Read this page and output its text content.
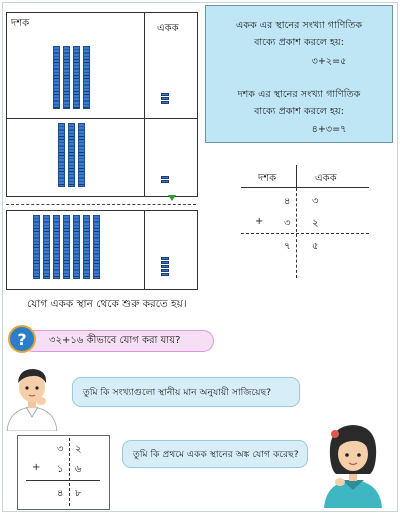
দশক	একক	একক এর স্থানের সংখ্যা গাণিতিক
বাক্যে প্রকাশ করলে হয়:
৩+২=৫
দশক এর স্থানের সংখ্যা গাণিতিক
বাক্যে প্রকাশ করলে হয়:
৪+৩=৭
দশক	একক
৪ ৩
+ ৩ ২
৭ ৫
যোগ একক স্থান থেকে শুরু করতে হয়।
৩২+১৬ কীভাবে যোগ করা যায়?
?
তুমি কি সংখ্যাগুলো স্থানীয় মান অনুযায়ী সাজিয়েছ?
৩ ২
+ ১ ৬
৪ ৮
তুমি কি প্রথমে একক স্থানের অঙ্ক যোগ করেছ?
